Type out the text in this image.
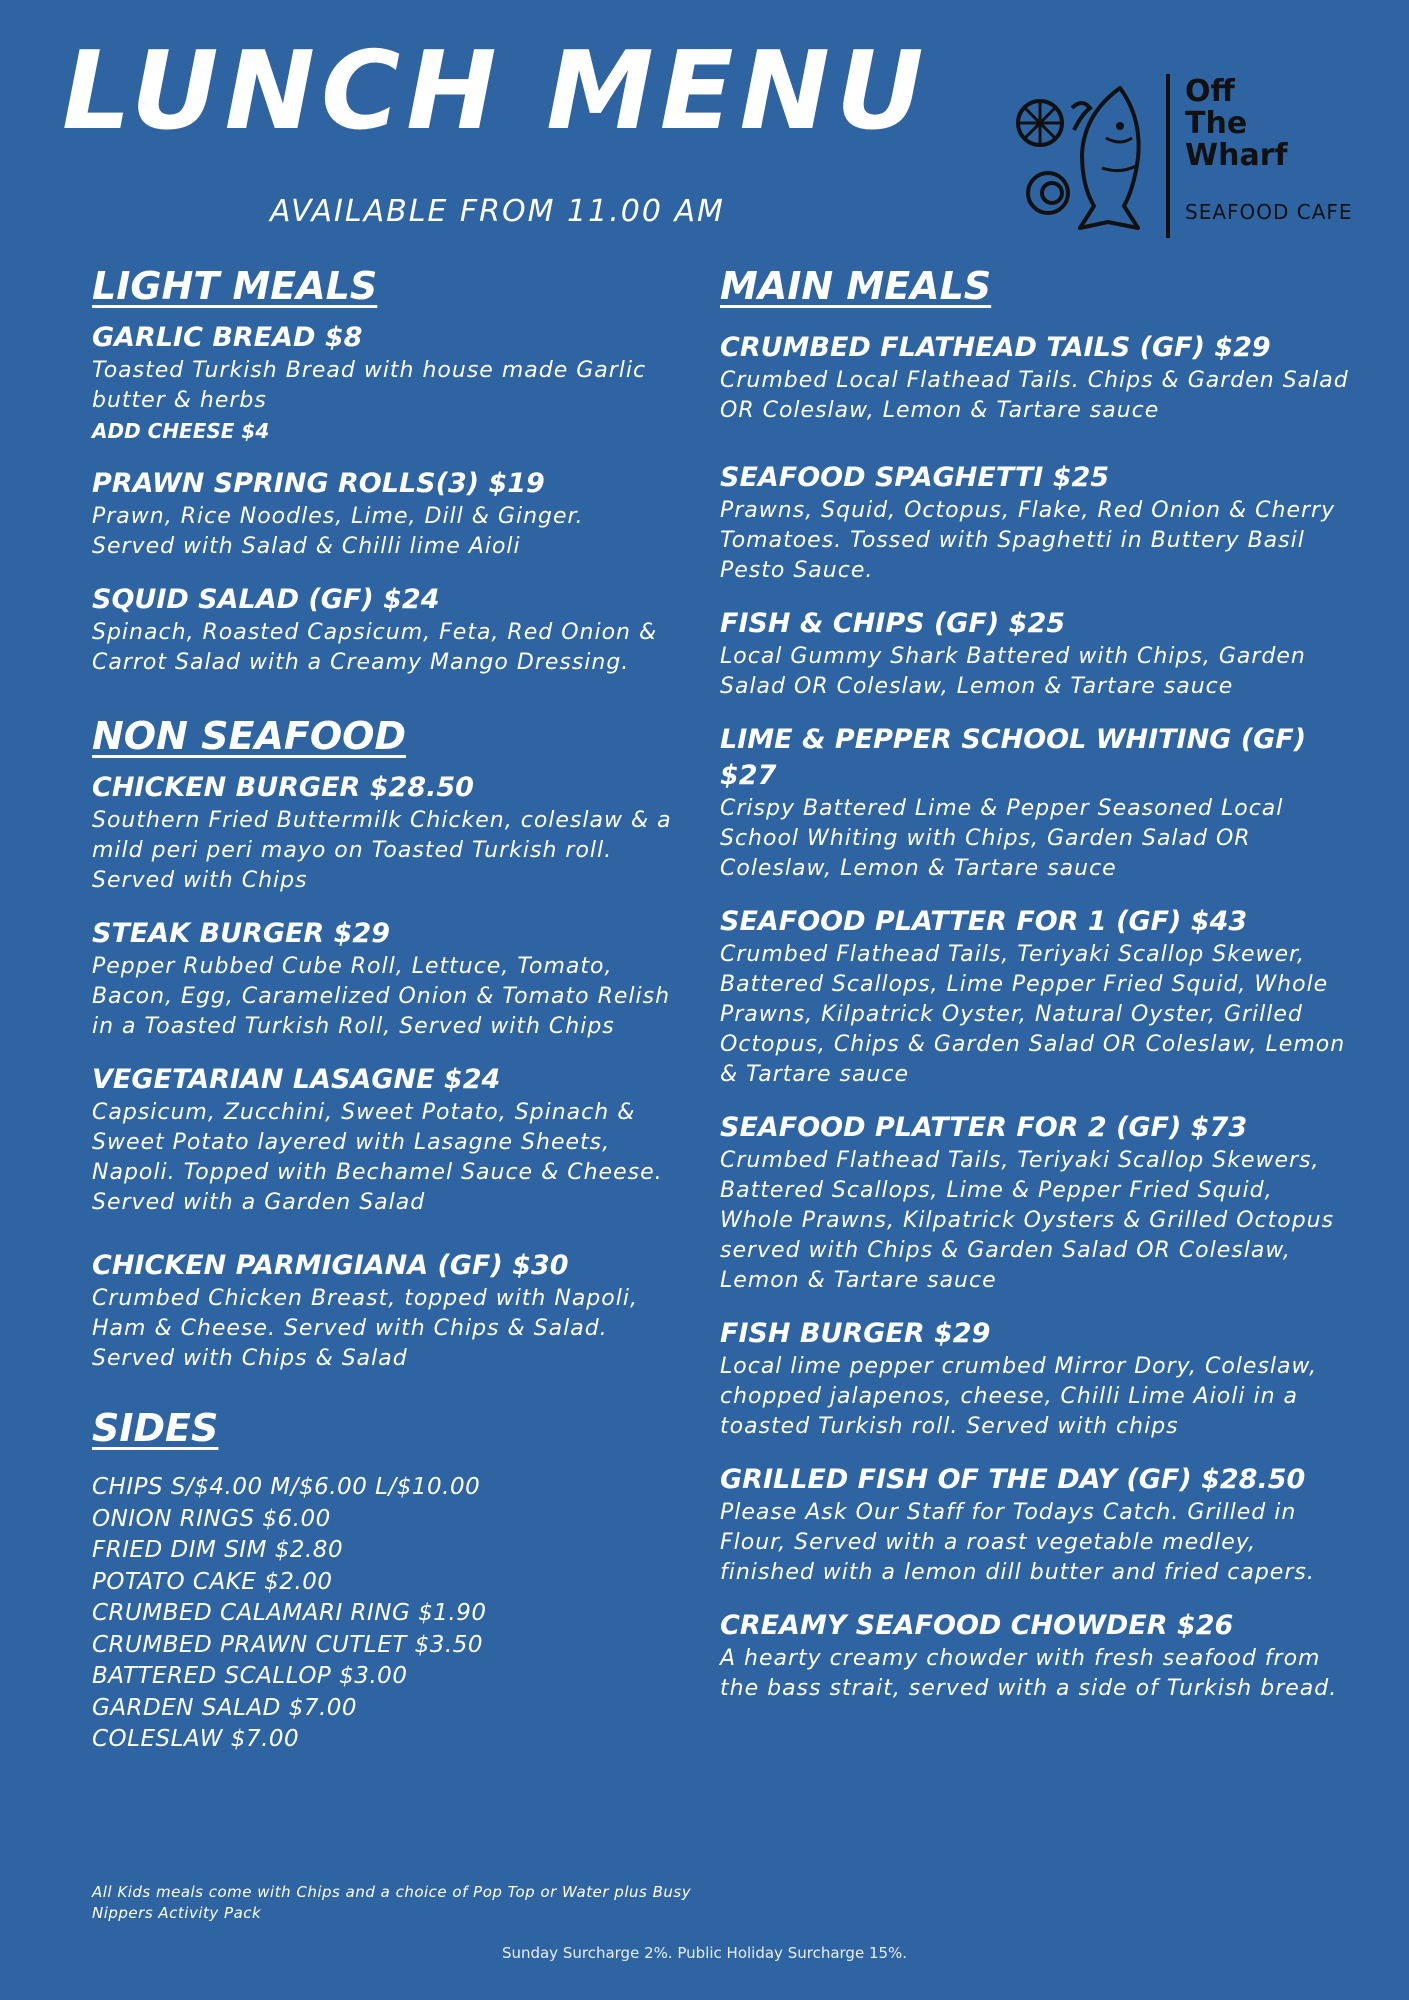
LUNCH MENU
AVAILABLE FROM 11.00 AM
Off
The
Wharf
SEAFOOD CAFE
LIGHT MEALS
GARLIC BREAD $8
Toasted Turkish Bread with house made Garlic butter & herbs
ADD CHEESE $4
PRAWN SPRING ROLLS(3) $19
Prawn, Rice Noodles, Lime, Dill & Ginger. Served with Salad & Chilli lime Aioli
SQUID SALAD (GF) $24
Spinach, Roasted Capsicum, Feta, Red Onion & Carrot Salad with a Creamy Mango Dressing.
NON SEAFOOD
CHICKEN BURGER $28.50
Southern Fried Buttermilk Chicken, coleslaw & a mild peri peri mayo on Toasted Turkish roll. Served with Chips
STEAK BURGER $29
Pepper Rubbed Cube Roll, Lettuce, Tomato, Bacon, Egg, Caramelized Onion & Tomato Relish in a Toasted Turkish Roll, Served with Chips
VEGETARIAN LASAGNE $24
Capsicum, Zucchini, Sweet Potato, Spinach & Sweet Potato layered with Lasagne Sheets, Napoli. Topped with Bechamel Sauce & Cheese. Served with a Garden Salad
CHICKEN PARMIGIANA (GF) $30
Crumbed Chicken Breast, topped with Napoli, Ham & Cheese. Served with Chips & Salad. Served with Chips & Salad
SIDES
CHIPS S/$4.00 M/$6.00 L/$10.00
ONION RINGS $6.00
FRIED DIM SIM $2.80
POTATO CAKE $2.00
CRUMBED CALAMARI RING $1.90
CRUMBED PRAWN CUTLET $3.50
BATTERED SCALLOP $3.00
GARDEN SALAD $7.00
COLESLAW $7.00
MAIN MEALS
CRUMBED FLATHEAD TAILS (GF) $29
Crumbed Local Flathead Tails. Chips & Garden Salad OR Coleslaw, Lemon & Tartare sauce
SEAFOOD SPAGHETTI $25
Prawns, Squid, Octopus, Flake, Red Onion & Cherry Tomatoes. Tossed with Spaghetti in Buttery Basil Pesto Sauce.
FISH & CHIPS (GF) $25
Local Gummy Shark Battered with Chips, Garden Salad OR Coleslaw, Lemon & Tartare sauce
LIME & PEPPER SCHOOL WHITING (GF) $27
Crispy Battered Lime & Pepper Seasoned Local School Whiting with Chips, Garden Salad OR Coleslaw, Lemon & Tartare sauce
SEAFOOD PLATTER FOR 1 (GF) $43
Crumbed Flathead Tails, Teriyaki Scallop Skewer, Battered Scallops, Lime Pepper Fried Squid, Whole Prawns, Kilpatrick Oyster, Natural Oyster, Grilled Octopus, Chips & Garden Salad OR Coleslaw, Lemon & Tartare sauce
SEAFOOD PLATTER FOR 2 (GF) $73
Crumbed Flathead Tails, Teriyaki Scallop Skewers, Battered Scallops, Lime & Pepper Fried Squid, Whole Prawns, Kilpatrick Oysters & Grilled Octopus served with Chips & Garden Salad OR Coleslaw, Lemon & Tartare sauce
FISH BURGER $29
Local lime pepper crumbed Mirror Dory, Coleslaw, chopped jalapenos, cheese, Chilli Lime Aioli in a toasted Turkish roll. Served with chips
GRILLED FISH OF THE DAY (GF) $28.50
Please Ask Our Staff for Todays Catch. Grilled in Flour, Served with a roast vegetable medley, finished with a lemon dill butter and fried capers.
CREAMY SEAFOOD CHOWDER $26
A hearty creamy chowder with fresh seafood from the bass strait, served with a side of Turkish bread.
All Kids meals come with Chips and a choice of Pop Top or Water plus Busy Nippers Activity Pack
Sunday Surcharge 2%. Public Holiday Surcharge 15%.
